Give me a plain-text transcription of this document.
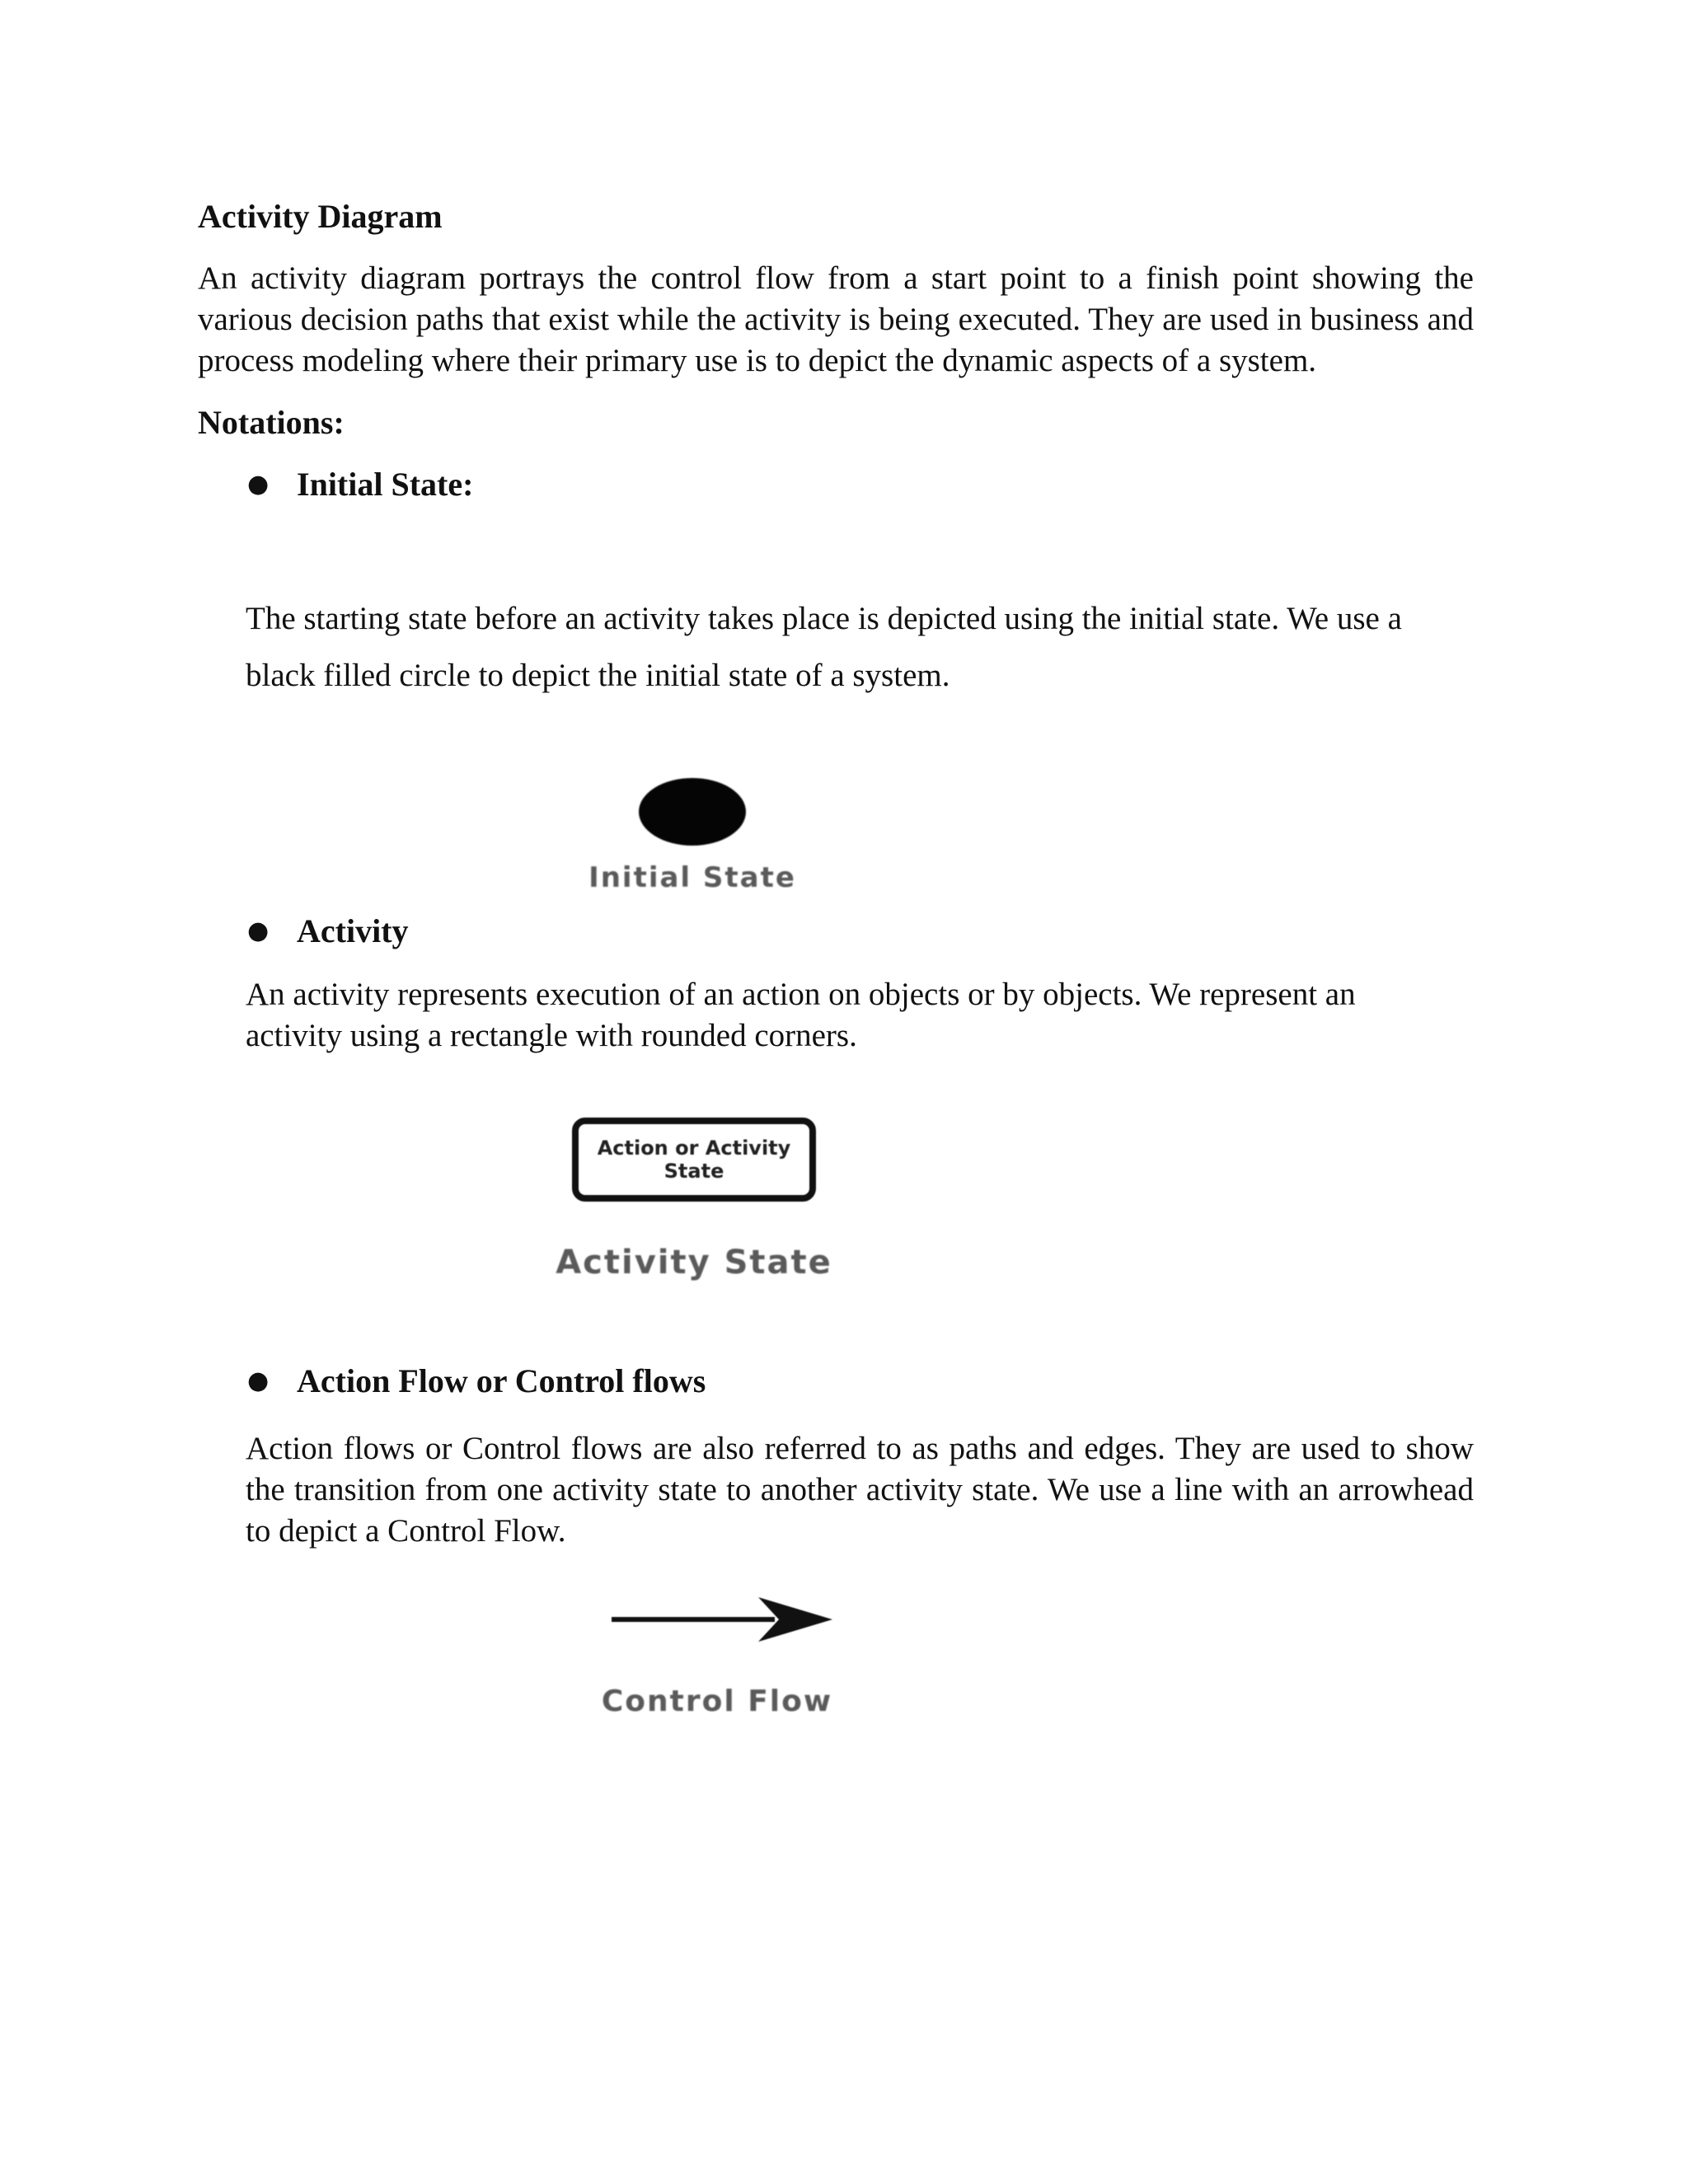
Activity Diagram

An activity diagram portrays the control flow from a start point to a finish point showing the various decision paths that exist while the activity is being executed. They are used in business and process modeling where their primary use is to depict the dynamic aspects of a system.

Notations:
● Initial State:

The starting state before an activity takes place is depicted using the initial state. We use a black filled circle to depict the initial state of a system.

Initial State
● Activity

An activity represents execution of an action on objects or by objects. We represent an activity using a rectangle with rounded corners.

Action or Activity State
Activity State
● Action Flow or Control flows

Action flows or Control flows are also referred to as paths and edges. They are used to show the transition from one activity state to another activity state. We use a line with an arrowhead to depict a Control Flow.

Control Flow
